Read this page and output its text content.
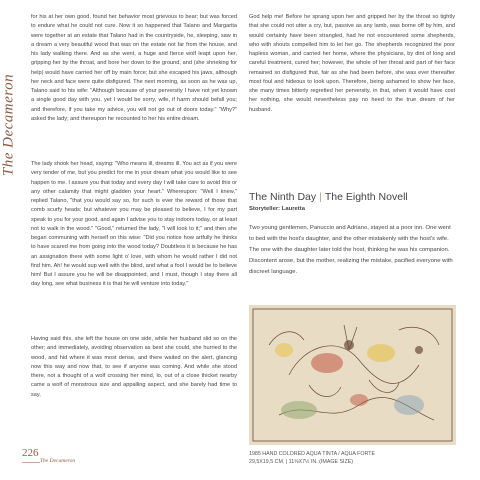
The Decameron

for his at her own good, found her behavior most grievous to bear; but was forced to endure what he could not cure. Now it so happened that Talano and Margarita were together at an estate that Talano had in the countryside, he, sleeping, saw in a dream a very beautiful wood that was on the estate not far from the house, and his lady walking there. And as she went, a huge and fierce wolf leapt upon her, gripping her by the throat, and bore her down to the ground, and (she shrieking for help) would have carried her off by main force; but she escaped his jaws, although her neck and face were quite disfigured. The next morning, as soon as he was up, Talano said to his wife: "Although because of your perversity I have not yet known a single good day with you, yet I would be sorry, wife, if harm should befall you; and therefore, if you take my advice, you will not go out of doors today." "Why?" asked the lady; and thereupon he recounted to her his entire dream.

The lady shook her head, saying: "Who means ill, dreams ill. You act as if you were very tender of me, but you predict for me in your dream what you would like to see happen to me. I assure you that today and every day I will take care to avoid this or any other calamity that might gladden your heart." Whereupon: "Well I knew," replied Talano, "that you would say so, for such is ever the reward of those that comb scurfy heads; but whatever you may be pleased to believe, I for my part speak to you for your good, and again I advise you to stay indoors today, or at least not to walk in the wood." "Good," returned the lady, "I will look to it;" and then she began communing with herself on this wise: "Did you notice how artfully he thinks to have scared me from going into the wood today? Doubtless it is because he has an assignation there with some light o' love, with whom he would rather I did not find him. Ah! he would sup well with the blind, and what a fool I would be to believe him! But I assure you he will be disappointed, and I must, though I stay there all day long, see what business it is that he will venture into today."

Having said this, she left the house on one side, while her husband slid so on the other; and immediately, avoiding observation as best she could, she hurried to the wood, and hid where it was most dense, and there waited on the alert, glancing now this way and now that, to see if anyone was coming. And while she stood there, not a thought of a wolf crossing her mind, lo, out of a close thicket nearby came a wolf of monstrous size and appalling aspect, and she barely had time to say,

God help me! Before he sprang upon her and gripped her by the throat so tightly that she could not utter a cry, but, passive as any lamb, was borne off by him, and would certainly have been strangled, had he not encountered some shepherds, who with shouts compelled him to let her go. The shepherds recognized the poor hapless woman, and carried her home, where the physicians, by dint of long and careful treatment, cured her; however, the whole of her throat and part of her face remained so disfigured that, fair as she had been before, she was ever thereafter most foul and hideous to look upon. Therefore, being ashamed to show her face, she many times bitterly regretted her perversity, in that, when it would have cost her nothing, she would nevertheless pay no heed to the true dream of her husband.

The Ninth Day | The Eighth Novell
Storyteller: Lauretta
Two young gentlemen, Panuccio and Adriano, stayed at a poor inn. One went to bed with the host's daughter, and the other mistakenly with the host's wife. The one with the daughter later told the host, thinking he was his companion. Discontent arose, but the mother, realizing the mistake, pacified everyone with discreet language.
1985 HAND COLORED AQUA TINTA / AQUA FORTE
29,5X19,5 CM. | 11⅝X7½ IN. (IMAGE SIZE)
226
The Decameron
